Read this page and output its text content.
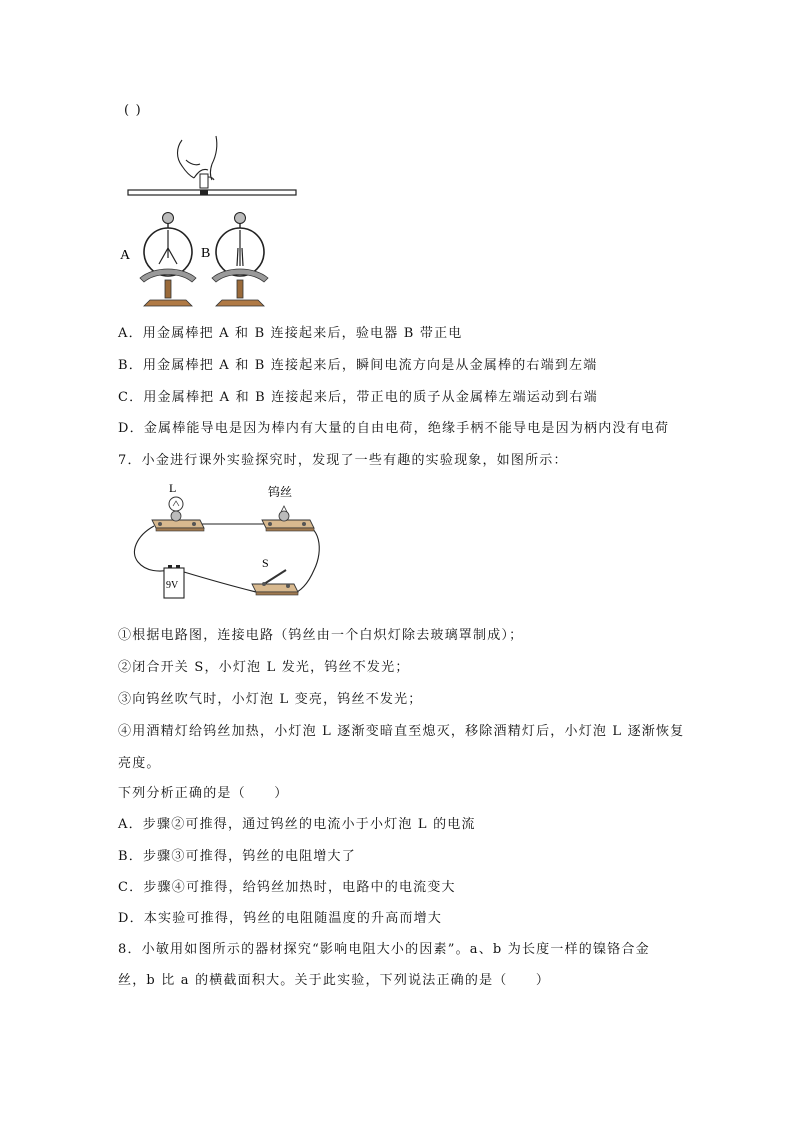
( )
A	B
A．用金属棒把 A 和 B 连接起来后，验电器 B 带正电
B．用金属棒把 A 和 B 连接起来后，瞬间电流方向是从金属棒的右端到左端
C．用金属棒把 A 和 B 连接起来后，带正电的质子从金属棒左端运动到右端
D．金属棒能导电是因为棒内有大量的自由电荷，绝缘手柄不能导电是因为柄内没有电荷
7．小金进行课外实验探究时，发现了一些有趣的实验现象，如图所示：
L	钨丝
S
9V
①根据电路图，连接电路（钨丝由一个白炽灯除去玻璃罩制成）；
②闭合开关 S，小灯泡 L 发光，钨丝不发光；
③向钨丝吹气时，小灯泡 L 变亮，钨丝不发光；
④用酒精灯给钨丝加热，小灯泡 L 逐渐变暗直至熄灭，移除酒精灯后，小灯泡 L 逐渐恢复
亮度。
下列分析正确的是（　　）
A．步骤②可推得，通过钨丝的电流小于小灯泡 L 的电流
B．步骤③可推得，钨丝的电阻增大了
C．步骤④可推得，给钨丝加热时，电路中的电流变大
D．本实验可推得，钨丝的电阻随温度的升高而增大
8．小敏用如图所示的器材探究“影响电阻大小的因素”。a、b 为长度一样的镍铬合金
丝，b 比 a 的横截面积大。关于此实验，下列说法正确的是（　　）
